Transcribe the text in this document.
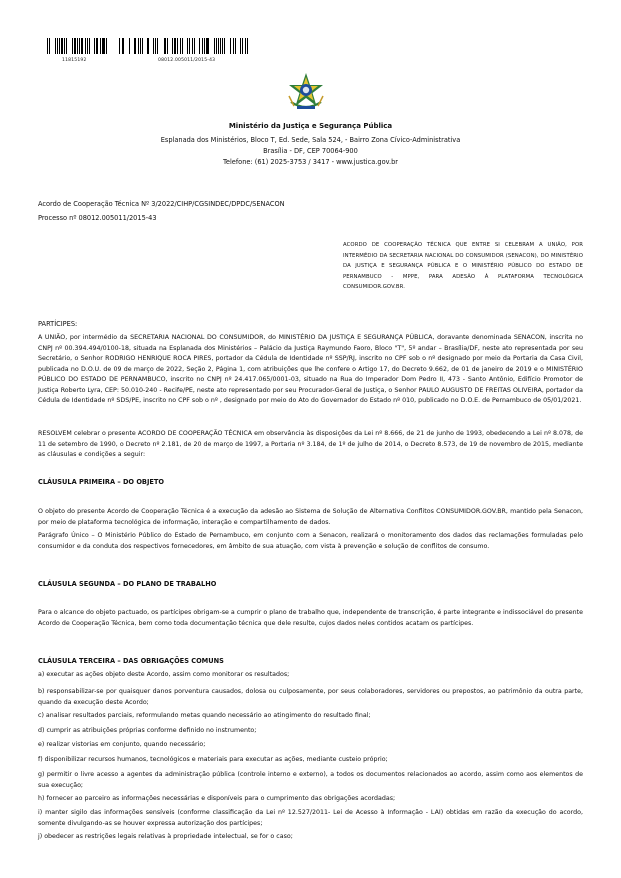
11815192	08012.005011/2015-43
Ministério da Justiça e Segurança Pública
Esplanada dos Ministérios, Bloco T, Ed. Sede, Sala 524, - Bairro Zona Cívico-Administrativa
Brasília - DF, CEP 70064-900
Telefone: (61) 2025-3753 / 3417 - www.justica.gov.br
Acordo de Cooperação Técnica Nº 3/2022/CIHP/CGSINDEC/DPDC/SENACON
Processo nº 08012.005011/2015-43
ACORDO DE COOPERAÇÃO TÉCNICA QUE ENTRE SI CELEBRAM A UNIÃO, POR INTERMÉDIO DA SECRETARIA NACIONAL DO CONSUMIDOR (SENACON), DO MINISTÉRIO DA JUSTIÇA E SEGURANÇA PÚBLICA E O MINISTÉRIO PÚBLICO DO ESTADO DE PERNAMBUCO - MPPE, PARA ADESÃO À PLATAFORMA TECNOLÓGICA CONSUMIDOR.GOV.BR.
PARTÍCIPES:
A UNIÃO, por intermédio da SECRETARIA NACIONAL DO CONSUMIDOR, do MINISTÉRIO DA JUSTIÇA E SEGURANÇA PÚBLICA, doravante denominada SENACON, inscrita no CNPJ nº 00.394.494/0100-18, situada na Esplanada dos Ministérios – Palácio da Justiça Raymundo Faoro, Bloco "T", 5º andar – Brasília/DF, neste ato representada por seu Secretário, o Senhor RODRIGO HENRIQUE ROCA PIRES, portador da Cédula de Identidade nº SSP/RJ, inscrito no CPF sob o nº designado por meio da Portaria da Casa Civil, publicada no D.O.U. de 09 de março de 2022, Seção 2, Página 1, com atribuições que lhe confere o Artigo 17, do Decreto 9.662, de 01 de janeiro de 2019 e o MINISTÉRIO PÚBLICO DO ESTADO DE PERNAMBUCO, inscrito no CNPJ nº 24.417.065/0001-03, situado na Rua do Imperador Dom Pedro II, 473 - Santo Antônio, Edifício Promotor de Justiça Roberto Lyra, CEP: 50.010-240 - Recife/PE, neste ato representado por seu Procurador-Geral de Justiça, o Senhor PAULO AUGUSTO DE FREITAS OLIVEIRA, portador da Cédula de Identidade nº SDS/PE, inscrito no CPF sob o nº , designado por meio do Ato do Governador do Estado nº 010, publicado no D.O.E. de Pernambuco de 05/01/2021.
RESOLVEM celebrar o presente ACORDO DE COOPERAÇÃO TÉCNICA em observância às disposições da Lei nº 8.666, de 21 de junho de 1993, obedecendo a Lei nº 8.078, de 11 de setembro de 1990, o Decreto nº 2.181, de 20 de março de 1997, a Portaria nº 3.184, de 1º de julho de 2014, o Decreto 8.573, de 19 de novembro de 2015, mediante as cláusulas e condições a seguir:
CLÁUSULA PRIMEIRA – DO OBJETO
O objeto do presente Acordo de Cooperação Técnica é a execução da adesão ao Sistema de Solução de Alternativa Conflitos CONSUMIDOR.GOV.BR, mantido pela Senacon, por meio de plataforma tecnológica de informação, interação e compartilhamento de dados.
Parágrafo Único – O Ministério Público do Estado de Pernambuco, em conjunto com a Senacon, realizará o monitoramento dos dados das reclamações formuladas pelo consumidor e da conduta dos respectivos fornecedores, em âmbito de sua atuação, com vista à prevenção e solução de conflitos de consumo.
CLÁUSULA SEGUNDA – DO PLANO DE TRABALHO
Para o alcance do objeto pactuado, os partícipes obrigam-se a cumprir o plano de trabalho que, independente de transcrição, é parte integrante e indissociável do presente Acordo de Cooperação Técnica, bem como toda documentação técnica que dele resulte, cujos dados neles contidos acatam os partícipes.
CLÁUSULA TERCEIRA – DAS OBRIGAÇÕES COMUNS
a) executar as ações objeto deste Acordo, assim como monitorar os resultados;
b) responsabilizar-se por quaisquer danos porventura causados, dolosa ou culposamente, por seus colaboradores, servidores ou prepostos, ao patrimônio da outra parte, quando da execução deste Acordo;
c) analisar resultados parciais, reformulando metas quando necessário ao atingimento do resultado final;
d) cumprir as atribuições próprias conforme definido no instrumento;
e) realizar vistorias em conjunto, quando necessário;
f) disponibilizar recursos humanos, tecnológicos e materiais para executar as ações, mediante custeio próprio;
g) permitir o livre acesso a agentes da administração pública (controle interno e externo), a todos os documentos relacionados ao acordo, assim como aos elementos de sua execução;
h) fornecer ao parceiro as informações necessárias e disponíveis para o cumprimento das obrigações acordadas;
i) manter sigilo das informações sensíveis (conforme classificação da Lei nº 12.527/2011- Lei de Acesso à Informação - LAI) obtidas em razão da execução do acordo, somente divulgando-as se houver expressa autorização dos partícipes;
j) obedecer as restrições legais relativas à propriedade intelectual, se for o caso;
